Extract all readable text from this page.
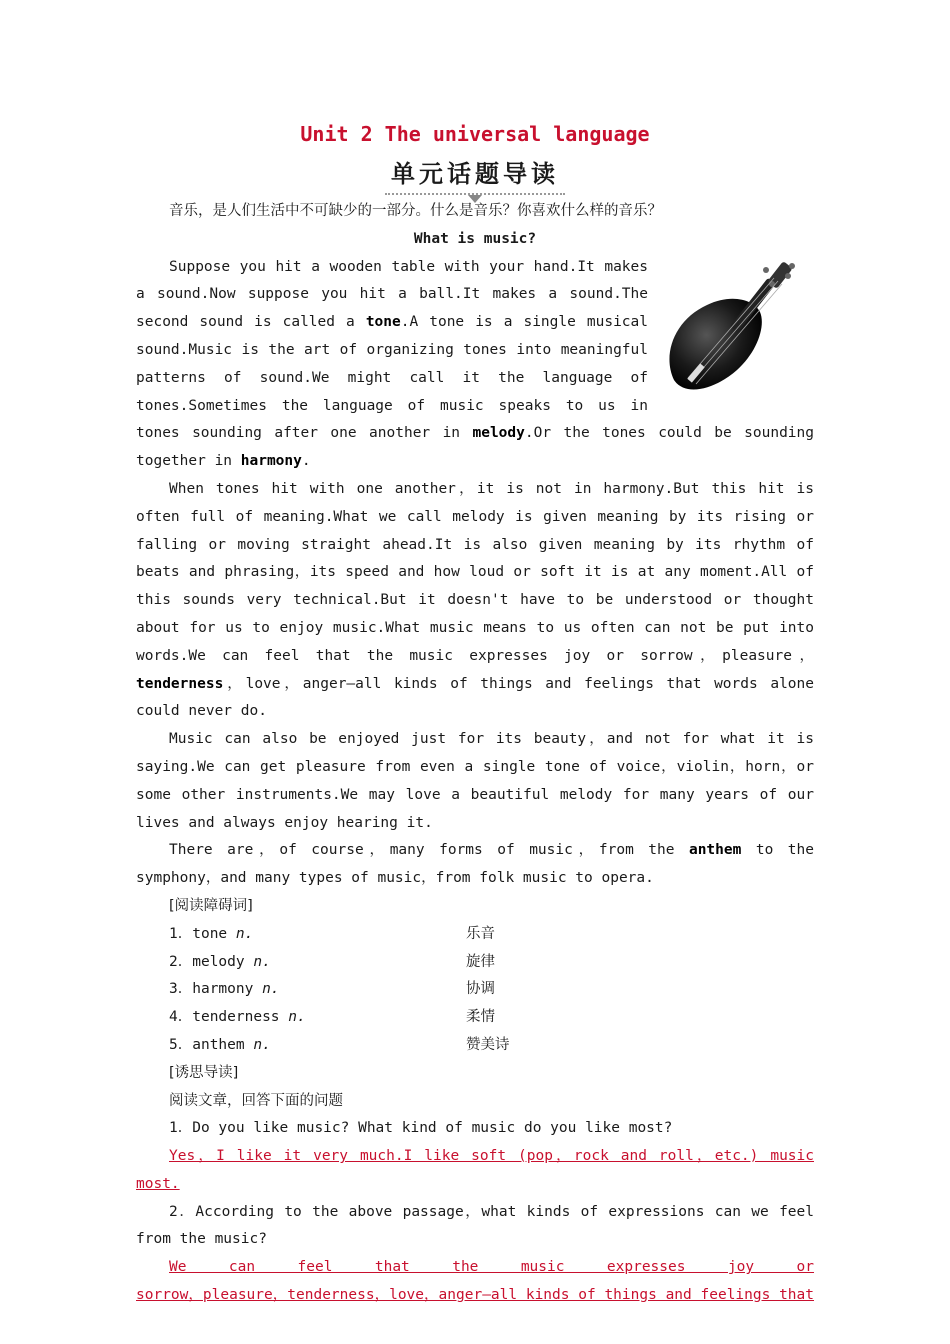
Unit 2 The universal language
单元话题导读

音乐，是人们生活中不可缺少的一部分。什么是音乐？你喜欢什么样的音乐？

What is music?

Suppose you hit a wooden table with your hand.It makes a sound.Now suppose you hit a ball.It makes a sound.The second sound is called a tone.A tone is a single musical sound.Music is the art of organizing tones into meaningful patterns of sound.We might call it the language of tones.Sometimes the language of music speaks to us in tones sounding after one another in melody.Or the tones could be sounding together in harmony.

When tones hit with one another，it is not in harmony.But this hit is often full of meaning.What we call melody is given meaning by its rising or falling or moving straight ahead.It is also given meaning by its rhythm of beats and phrasing，its speed and how loud or soft it is at any moment.All of this sounds very technical.But it doesn't have to be understood or thought about for us to enjoy music.What music means to us often can not be put into words.We can feel that the music expresses joy or sorrow，pleasure，tenderness，love，anger—all kinds of things and feelings that words alone could never do.

Music can also be enjoyed just for its beauty，and not for what it is saying.We can get pleasure from even a single tone of voice，violin，horn，or some other instruments.We may love a beautiful melody for many years of our lives and always enjoy hearing it.

There are，of course，many forms of music，from the anthem to the symphony，and many types of music，from folk music to opera.

[阅读障碍词]

1．tone n.	乐音
2．melody n.	旋律
3．harmony n.	协调
4．tenderness n.	柔情
5．anthem n.	赞美诗

[诱思导读]

阅读文章，回答下面的问题

1．Do you like music? What kind of music do you like most?

Yes，I like it very much.I like soft (pop，rock and roll，etc.) music most.

2．According to the above passage，what kinds of expressions can we feel from the music?

We can feel that the music expresses joy or

sorrow，pleasure，tenderness，love，anger—all kinds of things and feelings that
